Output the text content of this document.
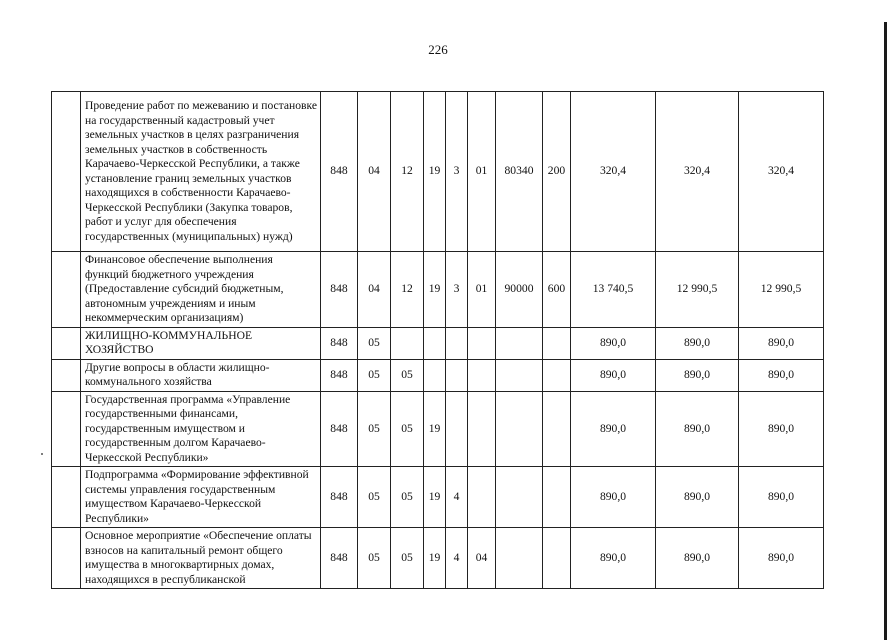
226
	Проведение работ по межеванию и постановке на государственный кадастровый учет земельных участков в целях разграничения земельных участков в собственность Карачаево-Черкесской Республики, а также установление границ земельных участков находящихся в собственности Карачаево-Черкесской Республики (Закупка товаров, работ и услуг для обеспечения государственных (муниципальных) нужд)	848	04	12	19	3	01	80340	200	320,4	320,4	320,4
	Финансовое обеспечение выполнения функций бюджетного учреждения (Предоставление субсидий бюджетным, автономным учреждениям и иным некоммерческим организациям)	848	04	12	19	3	01	90000	600	13 740,5	12 990,5	12 990,5
	ЖИЛИЩНО-КОММУНАЛЬНОЕ ХОЗЯЙСТВО	848	05							890,0	890,0	890,0
	Другие вопросы в области жилищно-коммунального хозяйства	848	05	05						890,0	890,0	890,0
	Государственная программа «Управление государственными финансами, государственным имуществом и государственным долгом Карачаево-Черкесской Республики»	848	05	05	19					890,0	890,0	890,0
	Подпрограмма «Формирование эффективной системы управления государственным имуществом Карачаево-Черкесской Республики»	848	05	05	19	4				890,0	890,0	890,0
	Основное мероприятие «Обеспечение оплаты взносов на капитальный ремонт общего имущества в многоквартирных домах, находящихся в республиканской	848	05	05	19	4	04			890,0	890,0	890,0
